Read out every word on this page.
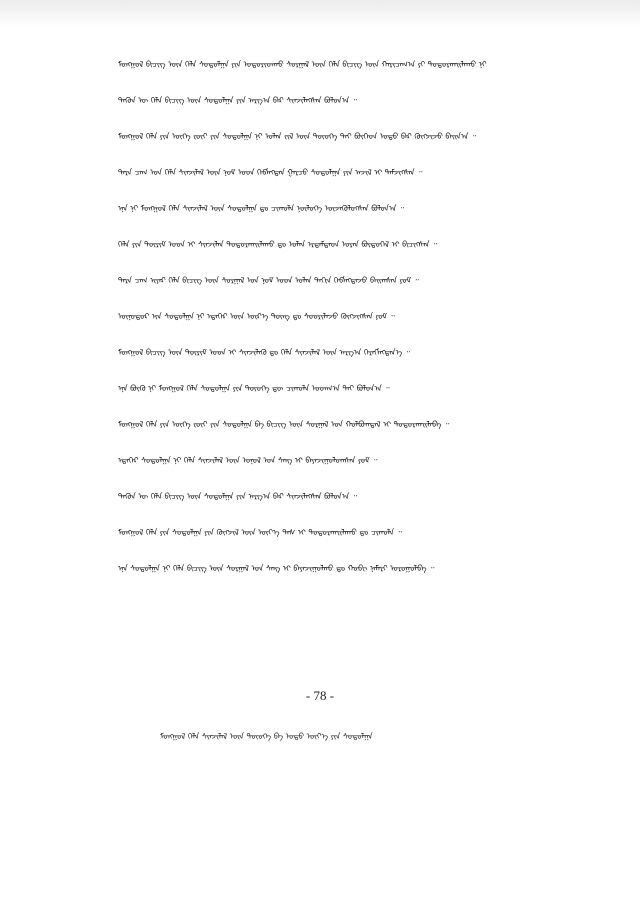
ᠮᠣᠩᠭᠣᠯ ᠪᠢᠴᠢᠭ ᠦᠨ ᠬᠡᠯᠡ ᠰᠤᠳᠤᠯᠭᠠ ᠶᠢᠨ ᠤᠳᠤᠷᠢᠳᠬᠤ ᠰᠤᠷᠭᠠᠯ ᠦᠨ ᠬᠡᠯᠡ ᠪᠢᠴᠢᠭ ᠦᠨ ᠬᠠᠷᠢᠴᠠᠭ᠎ᠠ ᠶᠢ ᠲᠣᠳᠣᠷᠬᠠᠢᠯᠠᠬᠤ ᠨᠢ
ᠲᠡᠭᠦᠨ ᠦ ᠬᠡᠯᠡ ᠪᠢᠴᠢᠭ ᠦᠨ ᠰᠤᠳᠤᠯᠭᠠ ᠶᠢᠨ ᠠᠷᠭ᠎ᠠ ᠪᠠᠷ ᠰᠢᠨᠵᠢᠯᠡᠭᠰᠡᠨ ᠪᠣᠯᠤᠨ᠎ᠠ ᠃
ᠮᠣᠩᠭᠣᠯ ᠬᠡᠯᠡ ᠶᠢᠨ ᠦᠭᠡ ᠵᠦᠢ ᠶᠢᠨ ᠰᠤᠳᠤᠯᠭᠠ ᠨᠢ ᠣᠯᠠᠨ ᠵᠢᠯ ᠦᠨ ᠲᠦᠦᠬᠡ ᠲᠡᠢ ᠪᠥᠭᠡᠳ ᠣᠳᠣ ᠪᠠᠷ ᠬᠥᠭᠵᠢᠵᠦ ᠪᠠᠢᠨ᠎ᠠ ᠃
ᠲᠡᠷᠡ ᠴᠠᠭ ᠤᠨ ᠬᠡᠯᠡ ᠰᠢᠨᠵᠢᠯᠡᠯ ᠦᠨ ᠨᠣᠮ ᠤᠳ ᠬᠡᠪᠯᠡᠭᠳᠡᠨ ᠭᠠᠷᠴᠤ ᠰᠤᠳᠤᠯᠭᠠ ᠶᠢᠨ ᠠᠵᠢᠯ ᠢ ᠳᠡᠮᠵᠢᠭᠰᠡᠨ ᠃
ᠡᠨᠡ ᠨᠢ ᠮᠣᠩᠭᠣᠯ ᠬᠡᠯᠡ ᠰᠢᠨᠵᠢᠯᠡᠯ ᠦᠨ ᠰᠤᠳᠤᠯᠭᠠ ᠳᠤ ᠴᠢᠬᠤᠯᠠ ᠨᠥᠯᠦᠭᠡ ᠦᠵᠡᠭᠦᠯᠦᠭᠰᠡᠨ ᠪᠣᠯᠤᠨ᠎ᠠ ᠃
ᠬᠡᠯᠡ ᠶᠢᠨ ᠳᠦᠷᠢᠮ ᠤᠳ ᠢ ᠰᠢᠨᠵᠢᠯᠡᠨ ᠲᠣᠳᠣᠷᠬᠠᠢᠯᠠᠬᠤ ᠳᠤ ᠣᠯᠠᠨ ᠡᠷᠳᠡᠮᠲᠡᠳ ᠤᠷᠠᠨ ᠪᠦᠲᠦᠭᠡᠯ ᠢ ᠪᠢᠴᠢᠭᠰᠡᠨ ᠃
ᠲᠡᠷᠡ ᠴᠠᠭ ᠢᠶᠠᠷ ᠬᠡᠯᠡ ᠪᠢᠴᠢᠭ ᠦᠨ ᠰᠤᠷᠭᠠᠯ ᠤᠨ ᠨᠣᠮ ᠤᠳ ᠣᠯᠠᠨ ᠳᠠᠬᠢᠨ ᠬᠡᠪᠯᠡᠭᠳᠡᠵᠦ ᠪᠠᠢᠭᠰᠠᠨ ᠶᠤᠮ ᠃
ᠥᠨᠥᠳᠥᠷ ᠢᠨ ᠰᠤᠳᠤᠯᠭᠠ ᠨᠢ ᠡᠳᠡᠭᠡᠷ ᠦᠨ ᠦᠷ᠎ᠡ ᠳᠦᠩ ᠳᠤ ᠰᠤᠤᠷᠢᠯᠠᠵᠤ ᠬᠥᠭᠵᠢᠭᠰᠡᠨ ᠶᠤᠮ ᠃
ᠮᠣᠩᠭᠣᠯ ᠪᠢᠴᠢᠭ ᠦᠨ ᠳᠦᠷᠢᠮ ᠤᠳ ᠢ ᠰᠢᠨᠵᠢᠯᠡᠬᠦ ᠳᠤ ᠬᠡᠯᠡ ᠰᠢᠨᠵᠢᠯᠡᠯ ᠦᠨ ᠠᠷᠭ᠎ᠠ ᠬᠡᠷᠡᠭᠯᠡᠭᠳᠡᠨ᠎ᠡ ᠃
ᠡᠨᠡ ᠪᠦᠬᠦ ᠨᠢ ᠮᠣᠩᠭᠣᠯ ᠬᠡᠯᠡ ᠰᠤᠳᠤᠯᠭᠠ ᠶᠢᠨ ᠲᠦᠦᠬᠡ ᠳᠦ ᠴᠢᠬᠤᠯᠠ ᠤᠳᠬ᠎ᠠ ᠲᠠᠢ ᠪᠣᠯᠤᠨ᠎ᠠ ᠃
ᠮᠣᠩᠭᠣᠯ ᠬᠡᠯᠡ ᠶᠢᠨ ᠦᠭᠡ ᠵᠦᠢ ᠶᠢᠨ ᠰᠤᠳᠤᠯᠭᠠ ᠪᠠ ᠪᠢᠴᠢᠭ ᠦᠨ ᠰᠤᠷᠭᠠᠯ ᠤᠨ ᠬᠣᠯᠪᠣᠭᠳᠠᠯ ᠢ ᠲᠣᠳᠣᠷᠬᠠᠢᠯᠠᠪᠠ ᠃
ᠡᠳᠡᠭᠡᠷ ᠰᠤᠳᠤᠯᠭᠠ ᠨᠢ ᠬᠡᠯᠡ ᠰᠢᠨᠵᠢᠯᠡᠯ ᠦᠨ ᠣᠨᠣᠯ ᠤᠨ ᠰᠠᠩ ᠢ ᠪᠠᠶᠠᠵᠢᠭᠤᠯᠤᠭᠰᠠᠨ ᠶᠤᠮ ᠃
ᠲᠡᠭᠦᠨ ᠦ ᠬᠡᠯᠡ ᠪᠢᠴᠢᠭ ᠦᠨ ᠰᠤᠳᠤᠯᠭᠠ ᠶᠢᠨ ᠠᠷᠭ᠎ᠠ ᠪᠠᠷ ᠰᠢᠨᠵᠢᠯᠡᠭᠰᠡᠨ ᠪᠣᠯᠤᠨ᠎ᠠ ᠃
ᠮᠣᠩᠭᠣᠯ ᠬᠡᠯᠡ ᠶᠢᠨ ᠰᠤᠳᠤᠯᠭᠠ ᠶᠢᠨ ᠬᠥᠭᠵᠢᠯ ᠦᠨ ᠦᠶ᠎ᠡ ᠳᠡᠰ ᠢ ᠲᠣᠳᠣᠷᠬᠠᠢᠯᠠᠬᠤ ᠳᠤ ᠴᠢᠬᠤᠯᠠ ᠃
ᠡᠨᠡ ᠰᠤᠳᠤᠯᠭᠠ ᠨᠢ ᠬᠡᠯᠡ ᠪᠢᠴᠢᠭ ᠦᠨ ᠰᠤᠷᠭᠠᠯ ᠤᠨ ᠰᠠᠩ ᠢ ᠪᠠᠶᠠᠵᠢᠭᠤᠯᠬᠤ ᠳᠤ ᠬᠤᠪᠢ ᠨᠡᠮᠡᠷᠢ ᠣᠷᠤᠭᠤᠯᠪᠠ ᠃
- 78 -
ᠮᠣᠩᠭᠣᠯ ᠬᠡᠯᠡ ᠰᠢᠨᠵᠢᠯᠡᠯ ᠦᠨ ᠲᠦᠦᠬᠡ ᠪᠠ ᠣᠳᠣ ᠦᠶ᠎ᠡ ᠶᠢᠨ ᠰᠤᠳᠤᠯᠭᠠ
